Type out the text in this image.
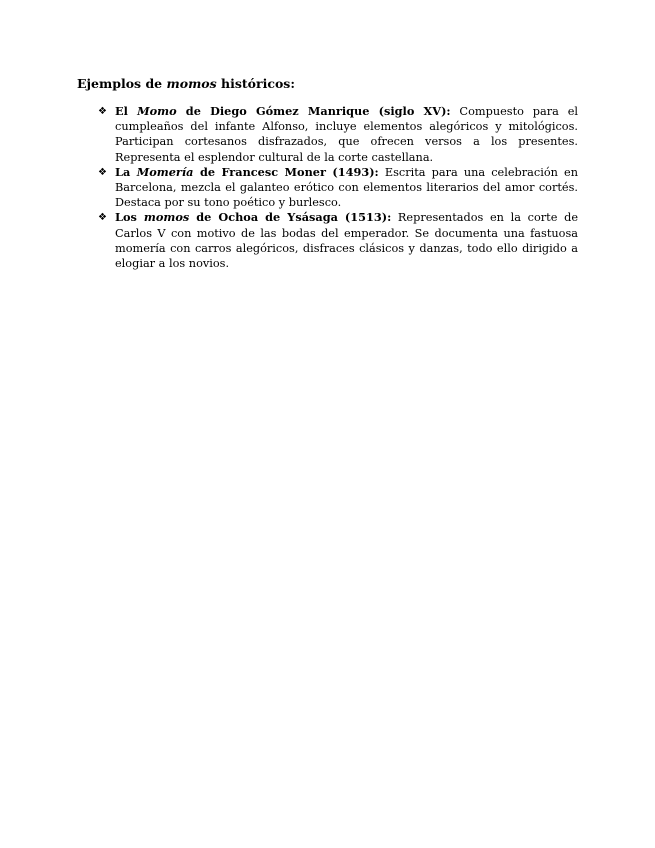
Ejemplos de momos históricos:

❖ El Momo de Diego Gómez Manrique (siglo XV): Compuesto para el cumpleaños del infante Alfonso, incluye elementos alegóricos y mitológicos. Participan cortesanos disfrazados, que ofrecen versos a los presentes. Representa el esplendor cultural de la corte castellana.
❖ La Momería de Francesc Moner (1493): Escrita para una celebración en Barcelona, mezcla el galanteo erótico con elementos literarios del amor cortés. Destaca por su tono poético y burlesco.
❖ Los momos de Ochoa de Ysásaga (1513): Representados en la corte de Carlos V con motivo de las bodas del emperador. Se documenta una fastuosa momería con carros alegóricos, disfraces clásicos y danzas, todo ello dirigido a elogiar a los novios.
